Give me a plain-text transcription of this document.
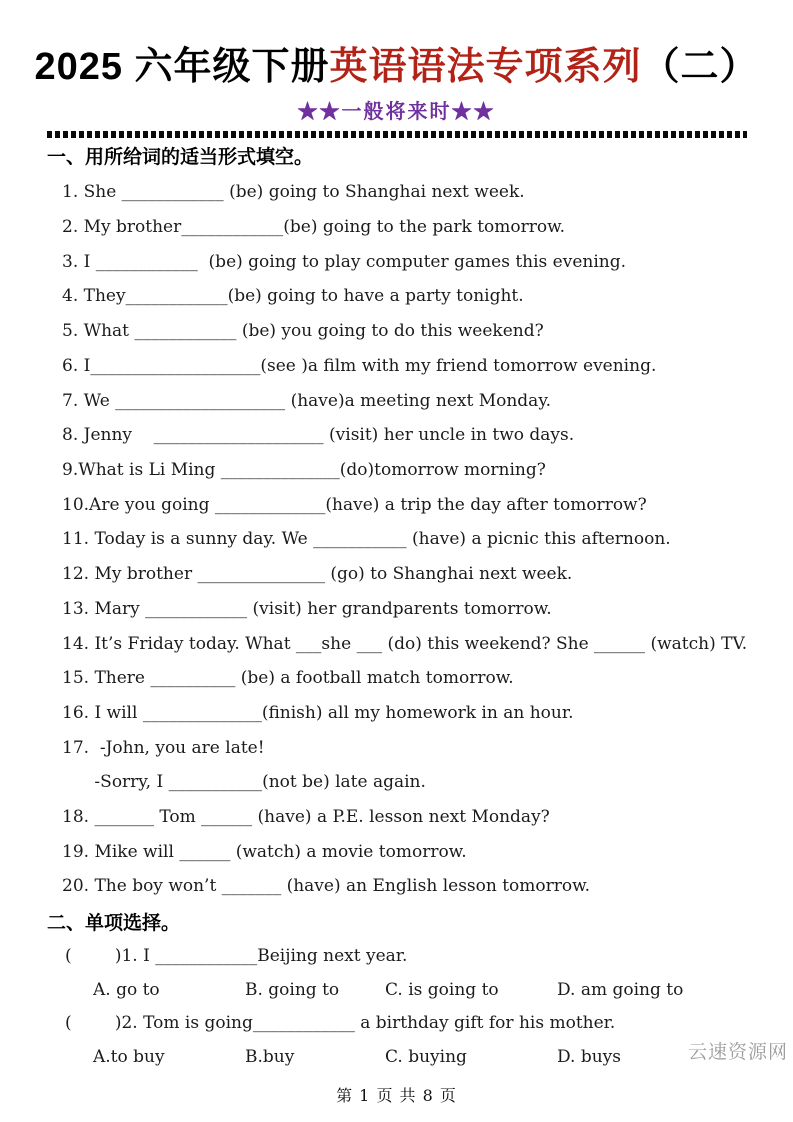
2025 六年级下册英语语法专项系列（二）
★★一般将来时★★
一、用所给词的适当形式填空。
1. She ____________ (be) going to Shanghai next week.
2. My brother____________(be) going to the park tomorrow.
3. I ____________  (be) going to play computer games this evening.
4. They____________(be) going to have a party tonight.
5. What ____________ (be) you going to do this weekend?
6. I____________________(see )a film with my friend tomorrow evening.
7. We ____________________ (have)a meeting next Monday.
8. Jenny    ____________________ (visit) her uncle in two days.
9.What is Li Ming ______________(do)tomorrow morning?
10.Are you going _____________(have) a trip the day after tomorrow?
11. Today is a sunny day. We ___________ (have) a picnic this afternoon.
12. My brother _______________ (go) to Shanghai next week.
13. Mary ____________ (visit) her grandparents tomorrow.
14. It’s Friday today. What ___she ___ (do) this weekend? She ______ (watch) TV.
15. There __________ (be) a football match tomorrow.
16. I will ______________(finish) all my homework in an hour.
17.  -John, you are late!
-Sorry, I ___________(not be) late again.
18. _______ Tom ______ (have) a P.E. lesson next Monday?
19. Mike will ______ (watch) a movie tomorrow.
20. The boy won’t _______ (have) an English lesson tomorrow.
二、单项选择。
(        )1. I ____________Beijing next year.
A. go to	B. going to	C. is going to	D. am going to
(        )2. Tom is going____________ a birthday gift for his mother.
A.to buy	B.buy	C. buying	D. buys	云速资源网
第 1 页 共 8 页
